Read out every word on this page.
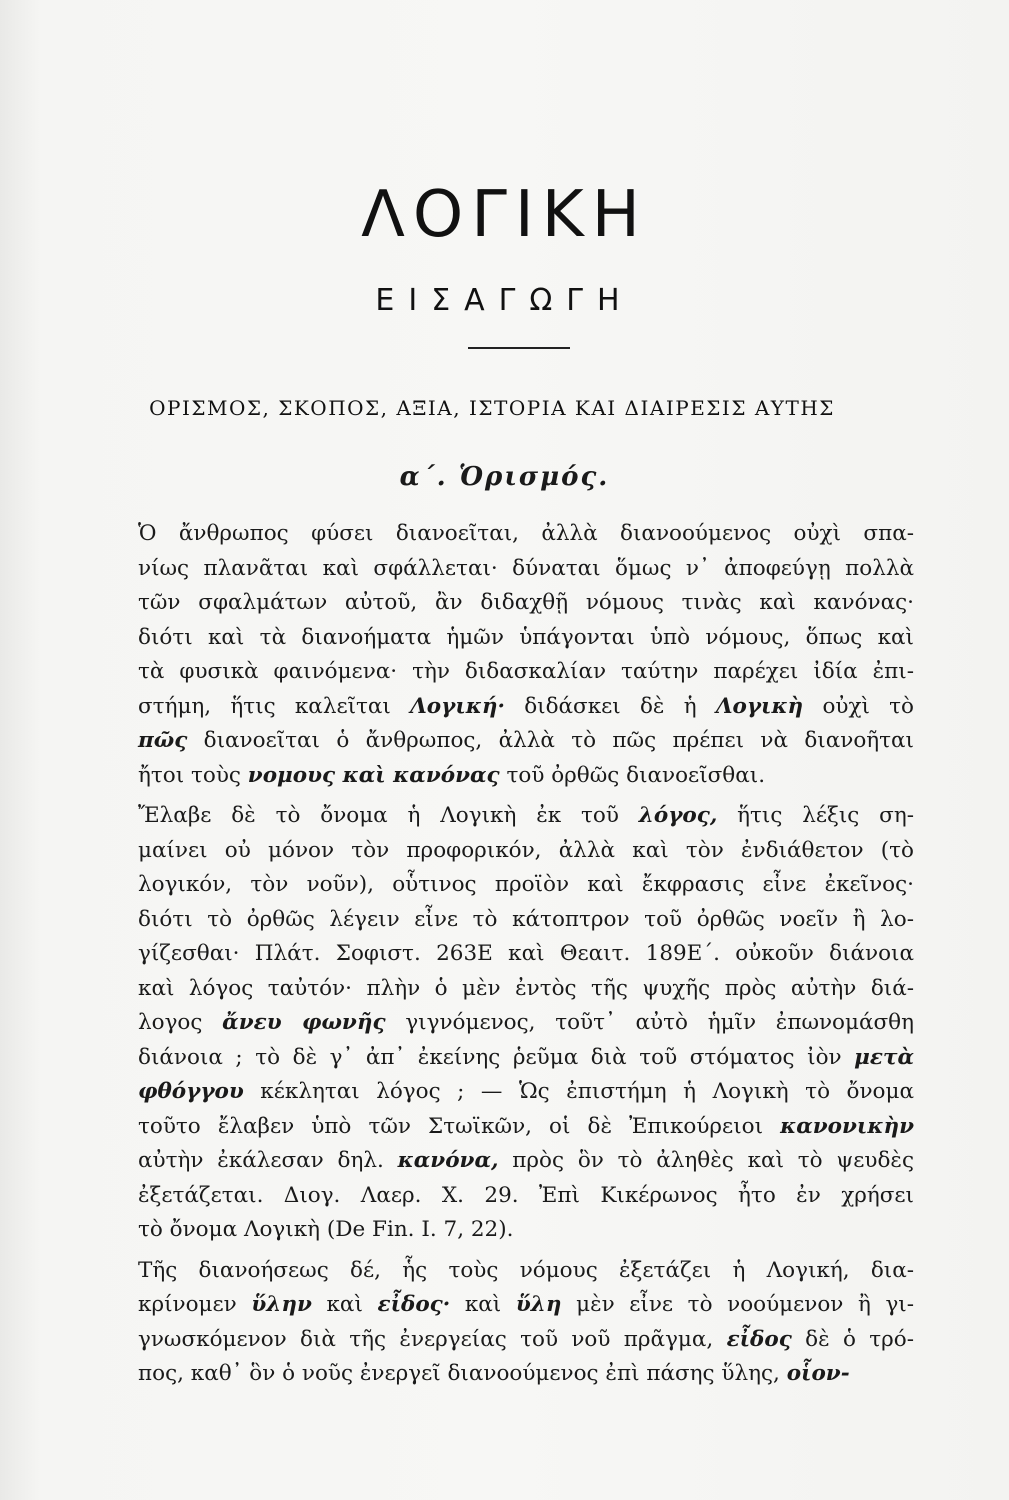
ΛΟΓΙΚΗ
ΕΙΣΑΓΩΓΗ
ΟΡΙΣΜΟΣ, ΣΚΟΠΟΣ, ΑΞΙΑ, ΙΣΤΟΡΙΑ ΚΑΙ ΔΙΑΙΡΕΣΙΣ ΑΥΤΗΣ
α΄. Ὁρισμός.

Ὁ ἄνθρωπος φύσει διανοεῖται, ἀλλὰ διανοούμενος οὐχὶ σπα-
νίως πλανᾶται καὶ σφάλλεται· δύναται ὅμως ν᾽ ἀποφεύγῃ πολλὰ
τῶν σφαλμάτων αὐτοῦ, ἂν διδαχθῇ νόμους τινὰς καὶ κανόνας·
διότι καὶ τὰ διανοήματα ἡμῶν ὑπάγονται ὑπὸ νόμους, ὅπως καὶ
τὰ φυσικὰ φαινόμενα· τὴν διδασκαλίαν ταύτην παρέχει ἰδία ἐπι-
στήμη, ἥτις καλεῖται Λογική· διδάσκει δὲ ἡ Λογικὴ οὐχὶ τὸ
πῶς διανοεῖται ὁ ἄνθρωπος, ἀλλὰ τὸ πῶς πρέπει νὰ διανοῆται
ἤτοι τοὺς νομους καὶ κανόνας τοῦ ὀρθῶς διανοεῖσθαι.

Ἔλαβε δὲ τὸ ὄνομα ἡ Λογικὴ ἐκ τοῦ λόγος, ἥτις λέξις ση-
μαίνει οὐ μόνον τὸν προφορικόν, ἀλλὰ καὶ τὸν ἐνδιάθετον (τὸ
λογικόν, τὸν νοῦν), οὗτινος προϊὸν καὶ ἔκφρασις εἶνε ἐκεῖνος·
διότι τὸ ὀρθῶς λέγειν εἶνε τὸ κάτοπτρον τοῦ ὀρθῶς νοεῖν ἢ λο-
γίζεσθαι· Πλάτ. Σοφιστ. 263Ε καὶ Θεαιτ. 189Ε΄. οὐκοῦν διάνοια
καὶ λόγος ταὐτόν· πλὴν ὁ μὲν ἐντὸς τῆς ψυχῆς πρὸς αὐτὴν διά-
λογος ἄνευ φωνῆς γιγνόμενος, τοῦτ᾽ αὐτὸ ἡμῖν ἐπωνομάσθη
διάνοια ; τὸ δὲ γ᾽ ἀπ᾽ ἐκείνης ῥεῦμα διὰ τοῦ στόματος ἰὸν μετὰ
φθόγγου κέκληται λόγος ; — Ὡς ἐπιστήμη ἡ Λογικὴ τὸ ὄνομα
τοῦτο ἔλαβεν ὑπὸ τῶν Στωϊκῶν, οἱ δὲ Ἐπικούρειοι κανονικὴν
αὐτὴν ἐκάλεσαν δηλ. κανόνα, πρὸς ὃν τὸ ἀληθὲς καὶ τὸ ψευδὲς
ἐξετάζεται. Διογ. Λαερ. Χ. 29. Ἐπὶ Κικέρωνος ἦτο ἐν χρήσει
τὸ ὄνομα Λογικὴ (De Fin. I. 7, 22).

Τῆς διανοήσεως δέ, ἧς τοὺς νόμους ἐξετάζει ἡ Λογική, δια-
κρίνομεν ὕλην καὶ εἶδος· καὶ ὕλη μὲν εἶνε τὸ νοούμενον ἢ γι-
γνωσκόμενον διὰ τῆς ἐνεργείας τοῦ νοῦ πρᾶγμα, εἶδος δὲ ὁ τρό-
πος, καθ᾽ ὃν ὁ νοῦς ἐνεργεῖ διανοούμενος ἐπὶ πάσης ὕλης, οἷον-
